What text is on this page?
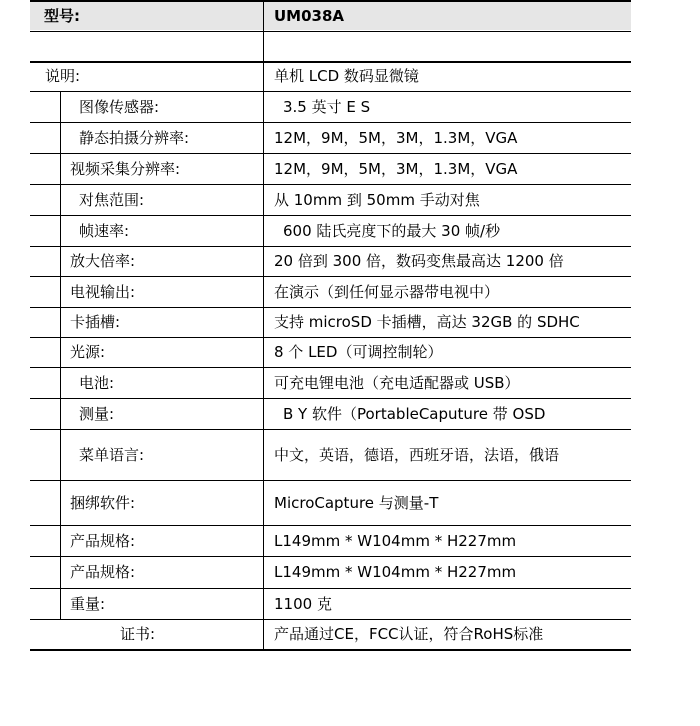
型号:	UM038A
说明:	单机 LCD 数码显微镜
图像传感器:	3.5 英寸 E S
静态拍摄分辨率:	12M，9M，5M，3M，1.3M，VGA
视频采集分辨率:	12M，9M，5M，3M，1.3M，VGA
对焦范围:	从 10mm 到 50mm 手动对焦
帧速率:	600 陆氏亮度下的最大 30 帧/秒
放大倍率:	20 倍到 300 倍，数码变焦最高达 1200 倍
电视输出:	在演示（到任何显示器带电视中）
卡插槽:	支持 microSD 卡插槽，高达 32GB 的 SDHC
光源:	8 个 LED（可调控制轮）
电池:	可充电锂电池（充电适配器或 USB）
测量:	B Y 软件（PortableCaputure 带 OSD
菜单语言:	中文，英语，德语，西班牙语，法语，俄语
捆绑软件:	MicroCapture 与测量-T
产品规格:	L149mm * W104mm * H227mm
产品规格:	L149mm * W104mm * H227mm
重量:	1100 克
证书:	产品通过CE，FCC认证，符合RoHS标准
